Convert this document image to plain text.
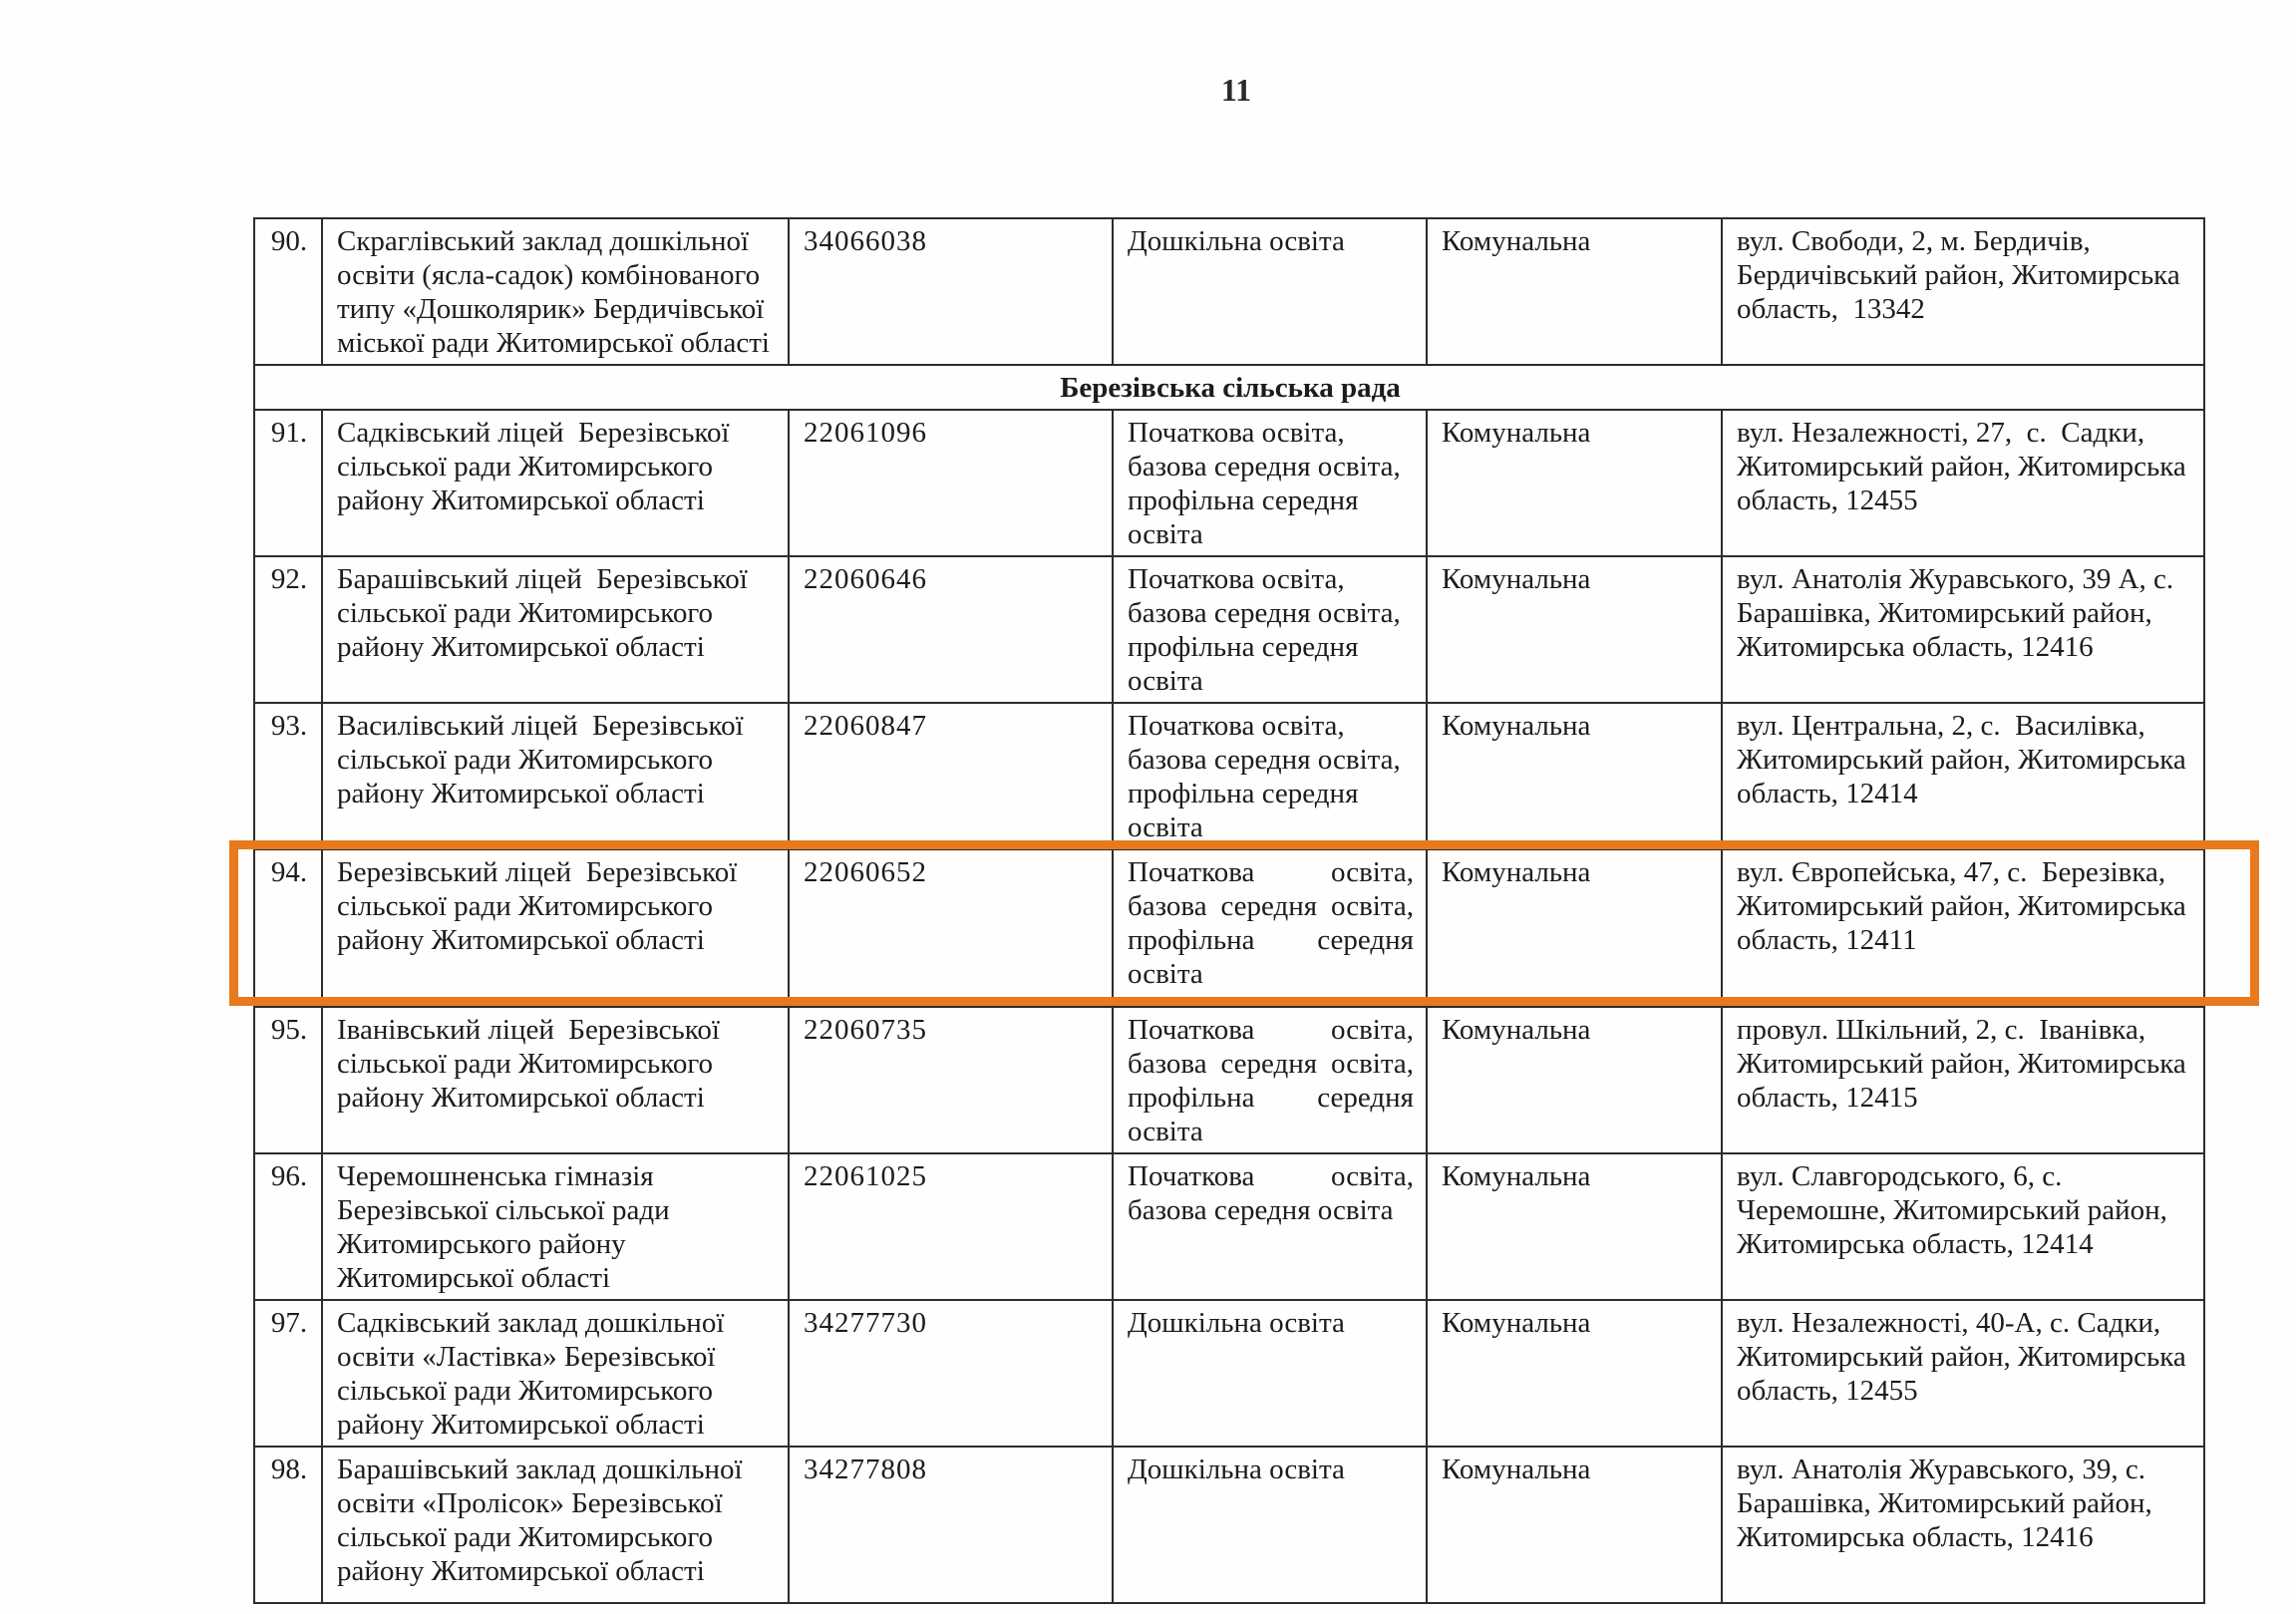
11
90.	Скраглівський заклад дошкільної освіти (ясла-садок) комбінованого типу «Дошколярик» Бердичівської міської ради Житомирської області	34066038	Дошкільна освіта	Комунальна	вул. Свободи, 2, м. Бердичів, Бердичівський район, Житомирська область,  13342
Березівська сільська рада					
91.	Садківський ліцей  Березівської сільської ради Житомирського району Житомирської області	22061096	Початкова освіта, базова середня освіта, профільна середня освіта	Комунальна	вул. Незалежності, 27,  с.  Садки, Житомирський район, Житомирська область, 12455
92.	Барашівський ліцей  Березівської сільської ради Житомирського району Житомирської області	22060646	Початкова освіта, базова середня освіта, профільна середня освіта	Комунальна	вул. Анатолія Журавського, 39 А, с. Барашівка, Житомирський район, Житомирська область, 12416
93.	Василівський ліцей  Березівської сільської ради Житомирського району Житомирської області	22060847	Початкова освіта, базова середня освіта, профільна середня освіта	Комунальна	вул. Центральна, 2, с.  Василівка, Житомирський район, Житомирська область, 12414
94.	Березівський ліцей  Березівської сільської ради Житомирського району Житомирської області	22060652	Початкова освіта, базова середня освіта, профільна середня освіта	Комунальна	вул. Європейська, 47, с.  Березівка, Житомирський район, Житомирська область, 12411
95.	Іванівський ліцей  Березівської сільської ради Житомирського району Житомирської області	22060735	Початкова освіта, базова середня освіта, профільна середня освіта	Комунальна	провул. Шкільний, 2, с.  Іванівка, Житомирський район, Житомирська область, 12415
96.	Черемошненська гімназія Березівської сільської ради Житомирського району Житомирської області	22061025	Початкова освіта, базова середня освіта	Комунальна	вул. Славгородського, 6, с. Черемошне, Житомирський район, Житомирська область, 12414
97.	Садківський заклад дошкільної освіти «Ластівка» Березівської сільської ради Житомирського району Житомирської області	34277730	Дошкільна освіта	Комунальна	вул. Незалежності, 40-А, с. Садки, Житомирський район, Житомирська область, 12455
98.	Барашівський заклад дошкільної освіти «Пролісок» Березівської сільської ради Житомирського району Житомирської області	34277808	Дошкільна освіта	Комунальна	вул. Анатолія Журавського, 39, с. Барашівка, Житомирський район, Житомирська область, 12416
